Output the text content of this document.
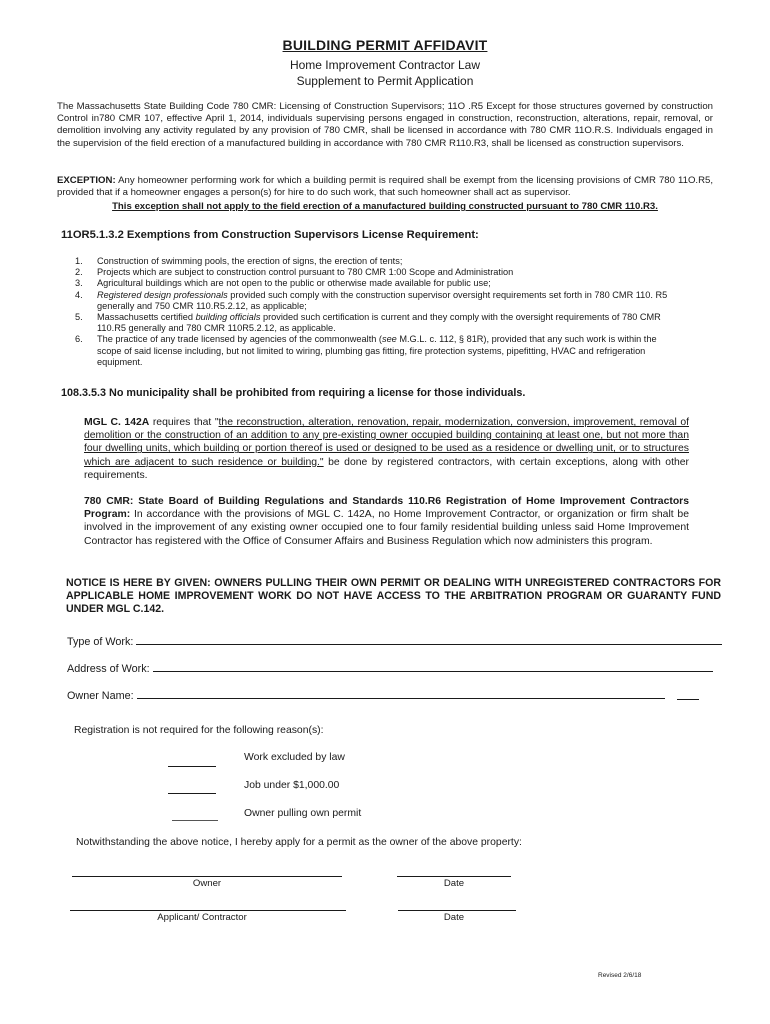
BUILDING PERMIT AFFIDAVIT
Home Improvement Contractor Law
Supplement to Permit Application
The Massachusetts State Building Code 780 CMR: Licensing of Construction Supervisors; 11O .R5 Except for those structures governed by construction Control in780 CMR 107, effective April 1, 2014, individuals supervising persons engaged in construction, reconstruction, alterations, repair, removal, or demolition involving any activity regulated by any provision of 780 CMR, shall be licensed in accordance with 780 CMR 11O.R.S. Individuals engaged in the supervision of the field erection of a manufactured building in accordance with 780 CMR R110.R3, shall be licensed as construction supervisors.
EXCEPTION: Any homeowner performing work for which a building permit is required shall be exempt from the licensing provisions of CMR 780 11O.R5, provided that if a homeowner engages a person(s) for hire to do such work, that such homeowner shall act as supervisor.
This exception shall not apply to the field erection of a manufactured building constructed pursuant to 780 CMR 110.R3.
11OR5.1.3.2 Exemptions from Construction Supervisors License Requirement:
1. Construction of swimming pools, the erection of signs, the erection of tents;
2. Projects which are subject to construction control pursuant to 780 CMR 1:00 Scope and Administration
3. Agricultural buildings which are not open to the public or otherwise made available for public use;
4. Registered design professionals provided such comply with the construction supervisor oversight requirements set forth in 780 CMR 110. R5 generally and 750 CMR 110.R5.2.12, as applicable;
5. Massachusetts certified building officials provided such certification is current and they comply with the oversight requirements of 780 CMR 110.R5 generally and 780 CMR 110R5.2.12, as applicable.
6. The practice of any trade licensed by agencies of the commonwealth (see M.G.L. c. 112, § 81R), provided that any such work is within the scope of said license including, but not limited to wiring, plumbing gas fitting, fire protection systems, pipefitting, HVAC and refrigeration equipment.
108.3.5.3 No municipality shall be prohibited from requiring a license for those individuals.
MGL C. 142A requires that "the reconstruction, alteration, renovation, repair, modernization, conversion, improvement, removal of demolition or the construction of an addition to any pre-existing owner occupied building containing at least one, but not more than four dwelling units, which building or portion thereof is used or designed to be used as a residence or dwelling unit, or to structures which are adjacent to such residence or building." be done by registered contractors, with certain exceptions, along with other requirements.
780 CMR: State Board of Building Regulations and Standards 110.R6 Registration of Home Improvement Contractors Program: In accordance with the provisions of MGL C. 142A, no Home Improvement Contractor, or organization or firm shalt be involved in the improvement of any existing owner occupied one to four family residential building unless said Home Improvement Contractor has registered with the Office of Consumer Affairs and Business Regulation which now administers this program.
NOTICE IS HERE BY GIVEN: OWNERS PULLING THEIR OWN PERMIT OR DEALING WITH UNREGISTERED CONTRACTORS FOR APPLICABLE HOME IMPROVEMENT WORK DO NOT HAVE ACCESS TO THE ARBITRATION PROGRAM OR GUARANTY FUND UNDER MGL C.142.
Type of Work:
Address of Work:
Owner Name:
Registration is not required for the following reason(s):
Work excluded by law
Job under $1,000.00
Owner pulling own permit
Notwithstanding the above notice, I hereby apply for a permit as the owner of the above property:
Owner	Date
Applicant/ Contractor	Date
Revised 2/6/18
